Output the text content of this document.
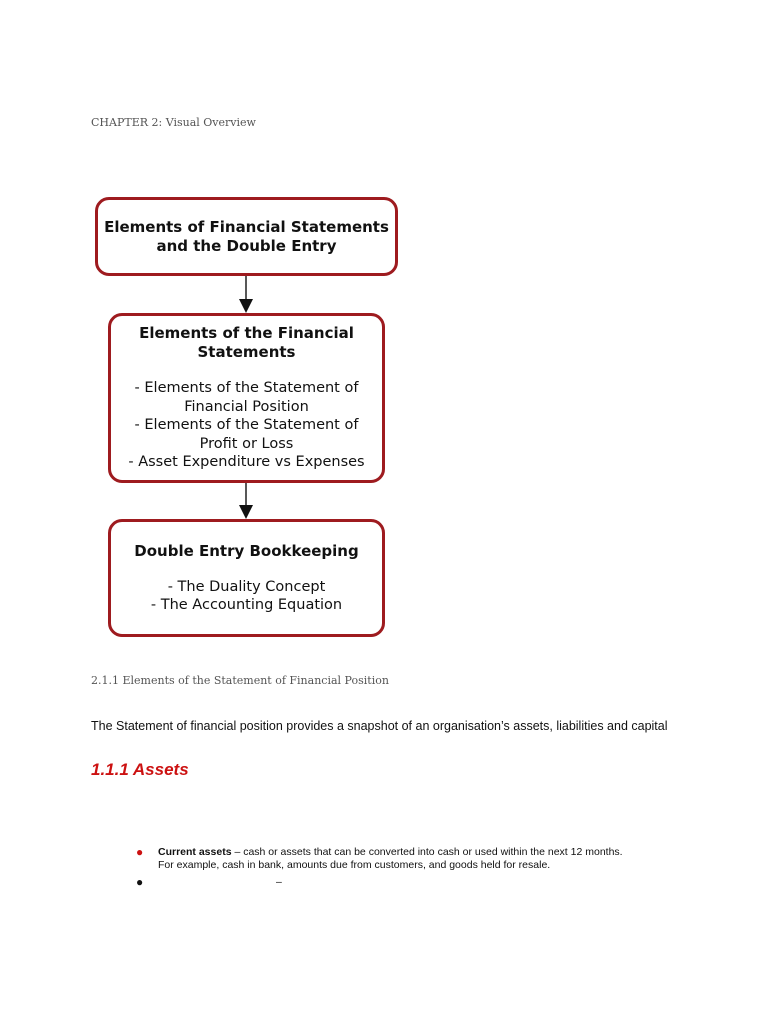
CHAPTER 2: Visual Overview
Elements of Financial Statements
and the Double Entry
Elements of the Financial
Statements
- Elements of the Statement of
Financial Position
- Elements of the Statement of
Profit or Loss
- Asset Expenditure vs Expenses
Double Entry Bookkeeping
- The Duality Concept
- The Accounting Equation
2.1.1 Elements of the Statement of Financial Position

The Statement of financial position provides a snapshot of an organisation’s assets, liabilities and capital

1.1.1 Assets
● Current assets – cash or assets that can be converted into cash or used within the next 12 months.
For example, cash in bank, amounts due from customers, and goods held for resale.
●	–
